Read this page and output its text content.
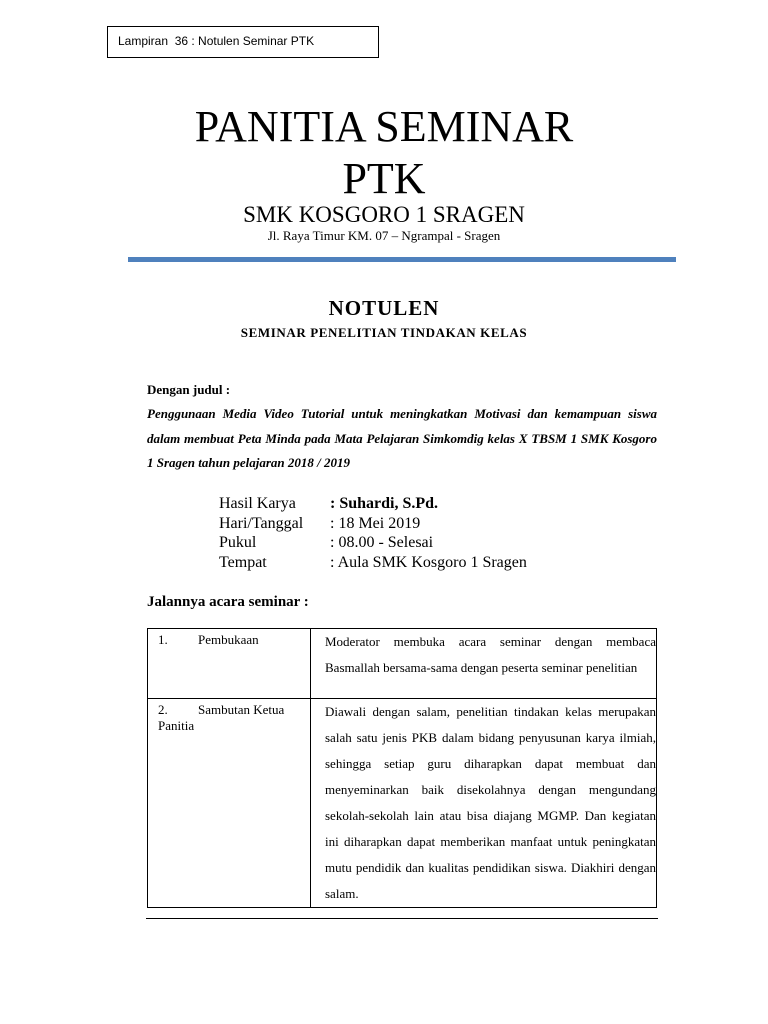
Lampiran  36 : Notulen Seminar PTK
PANITIA SEMINAR
PTK
SMK KOSGORO 1 SRAGEN
Jl. Raya Timur KM. 07 – Ngrampal - Sragen
NOTULEN
SEMINAR PENELITIAN TINDAKAN KELAS
Dengan judul :
Penggunaan Media Video Tutorial untuk meningkatkan Motivasi dan kemampuan siswa dalam membuat Peta Minda pada Mata Pelajaran Simkomdig kelas X TBSM 1 SMK Kosgoro 1 Sragen tahun pelajaran 2018 / 2019
Hasil Karya	: Suhardi, S.Pd.
Hari/Tanggal	: 18 Mei 2019
Pukul	: 08.00 - Selesai
Tempat	: Aula SMK Kosgoro 1 Sragen
Jalannya acara seminar :
1. Pembukaan	Moderator membuka acara seminar dengan membaca Basmallah bersama-sama dengan peserta seminar penelitian
2. Sambutan Ketua Panitia	Diawali dengan salam, penelitian tindakan kelas merupakan salah satu jenis PKB dalam bidang penyusunan karya ilmiah, sehingga setiap guru diharapkan dapat membuat dan menyeminarkan baik disekolahnya dengan mengundang sekolah-sekolah lain atau bisa diajang MGMP. Dan kegiatan ini diharapkan dapat memberikan manfaat untuk peningkatan mutu pendidik dan kualitas pendidikan siswa. Diakhiri dengan salam.
